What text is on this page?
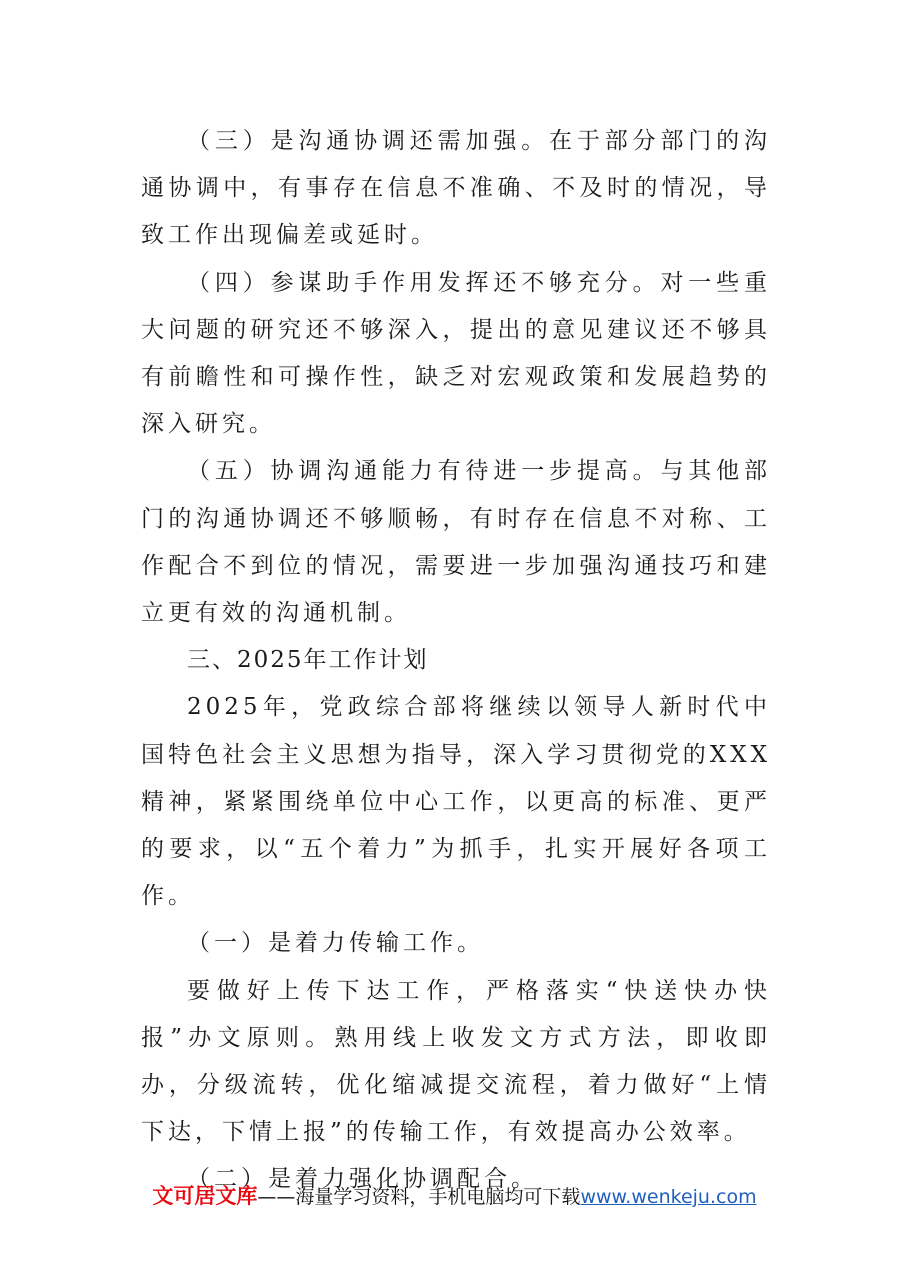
（三）是沟通协调还需加强。在于部分部门的沟通协调中，有事存在信息不准确、不及时的情况，导致工作出现偏差或延时。

（四）参谋助手作用发挥还不够充分。对一些重大问题的研究还不够深入，提出的意见建议还不够具有前瞻性和可操作性，缺乏对宏观政策和发展趋势的深入研究。

（五）协调沟通能力有待进一步提高。与其他部门的沟通协调还不够顺畅，有时存在信息不对称、工作配合不到位的情况，需要进一步加强沟通技巧和建立更有效的沟通机制。

三、2025年工作计划

2025年，党政综合部将继续以领导人新时代中国特色社会主义思想为指导，深入学习贯彻党的XXX精神，紧紧围绕单位中心工作，以更高的标准、更严的要求，以“五个着力”为抓手，扎实开展好各项工作。

（一）是着力传输工作。

要做好上传下达工作，严格落实“快送快办快报”办文原则。熟用线上收发文方式方法，即收即办，分级流转，优化缩减提交流程，着力做好“上情下达，下情上报”的传输工作，有效提高办公效率。

（二）是着力强化协调配合。

文可居文库——海量学习资料，手机电脑均可下载www.wenkeju.com
